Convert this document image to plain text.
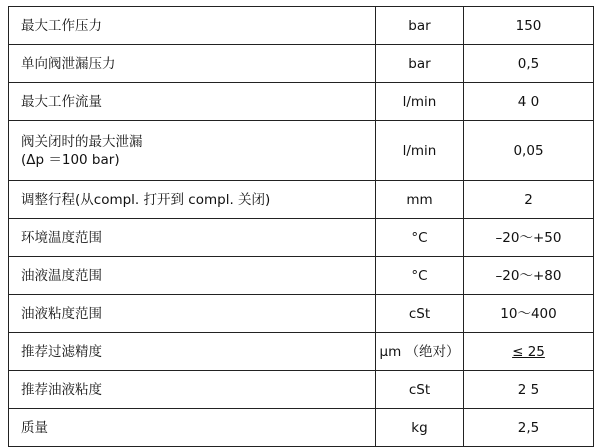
最大工作压力	bar	150
单向阀泄漏压力	bar	0,5
最大工作流量	l/min	4 0

阀关闭时的最大泄漏
(Δp ＝100 bar)	l/min	0,05
调整行程(从compl. 打开到 compl. 关闭)	mm	2
环境温度范围	°C	–20～+50
油液温度范围	°C	–20～+80
油液粘度范围	cSt	10～400
推荐过滤精度	μm （绝对）	≤ 25
推荐油液粘度	cSt	2 5
质量	kg	2,5
